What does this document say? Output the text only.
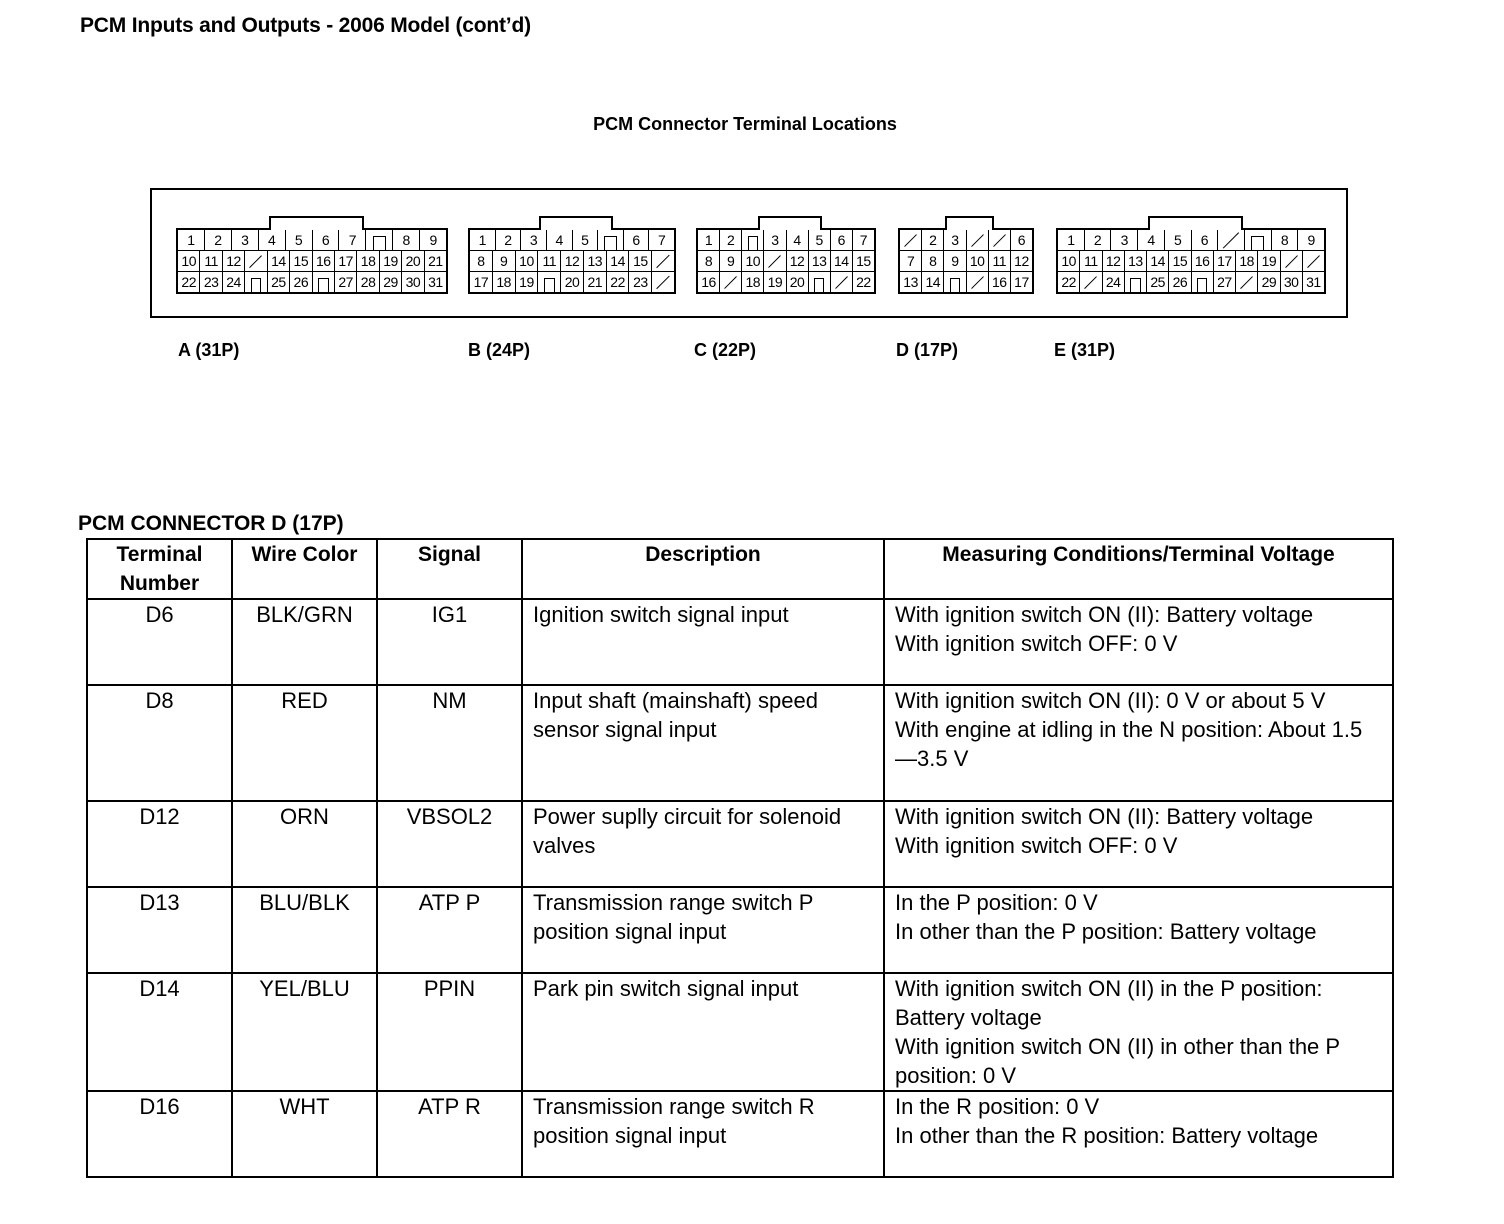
PCM Inputs and Outputs - 2006 Model (cont’d)
PCM Connector Terminal Locations
1	2	3	4	5	6	7	8	9
10 11 12	14 15 16 17 18 19 20 21
22 23 24	25 26	27 28 29 30 31
1	2	3	4	5	6	7
8	9 10 11 12 13 14 15
17 18 19	20 21 22 23
1	2	3	4	5	6	7
8	9 10	12 13 14 15
16	18 19 20	22
2	3	6
7	8	9 10 11 12
13 14	16 17
1	2	3	4	5	6	8	9
10 11 12 13 14 15 16 17 18 19
22	24	25 26	27	29 30 31
A (31P)	B (24P)	C (22P)	D (17P)	E (31P)
PCM CONNECTOR D (17P)
Terminal Number	Wire Color	Signal	Description	Measuring Conditions/Terminal Voltage
D6	BLK/GRN	IG1	Ignition switch signal input	With ignition switch ON (II): Battery voltage
With ignition switch OFF: 0 V

D8	RED	NM	Input shaft (mainshaft) speed sensor signal input	With ignition switch ON (II): 0 V or about 5 V
With engine at idling in the N position: About 1.5—3.5 V

D12	ORN	VBSOL2	Power suplly circuit for solenoid valves	With ignition switch ON (II): Battery voltage
With ignition switch OFF: 0 V

D13	BLU/BLK	ATP P	Transmission range switch P position signal input	In the P position: 0 V
In other than the P position: Battery voltage

D14	YEL/BLU	PPIN	Park pin switch signal input	With ignition switch ON (II) in the P position: Battery voltage
With ignition switch ON (II) in other than the P position: 0 V

D16	WHT	ATP R	Transmission range switch R position signal input	In the R position: 0 V
In other than the R position: Battery voltage
